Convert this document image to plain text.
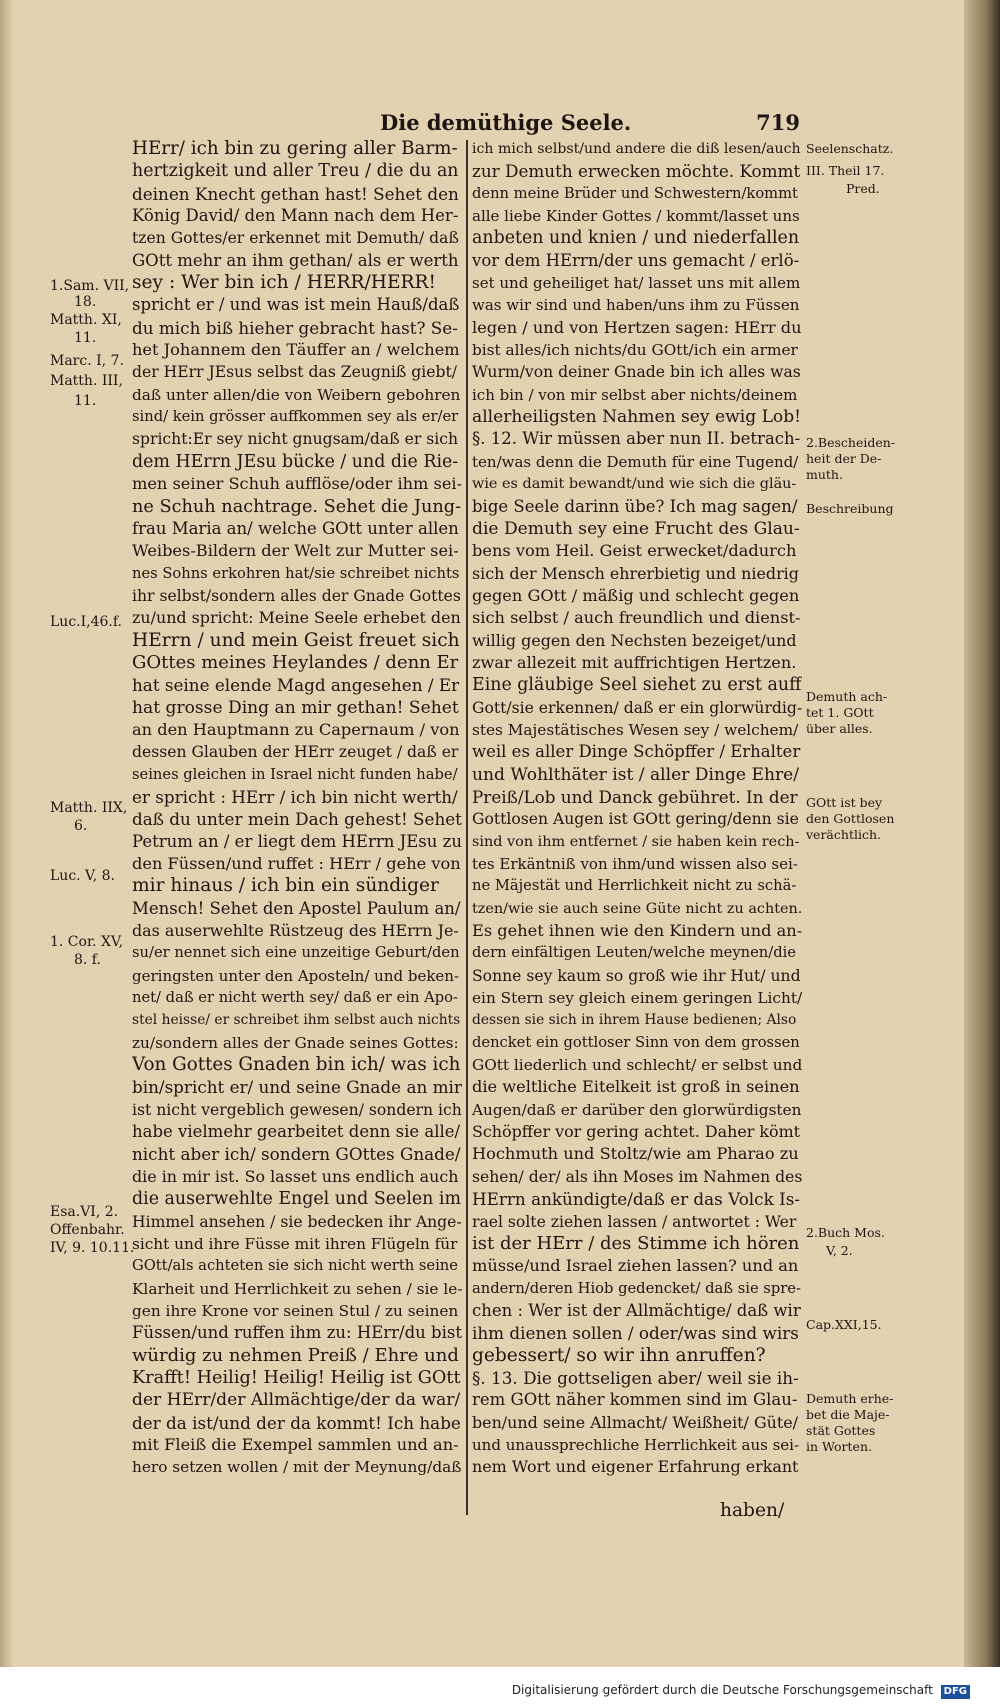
Die demüthige Seele.	719

HErr/ ich bin zu gering aller Barm-

hertzigkeit und aller Treu / die du an

deinen Knecht gethan hast! Sehet den

König David/ den Mann nach dem Her-

tzen Gottes/er erkennet mit Demuth/ daß

GOtt mehr an ihm gethan/ als er werth

sey : Wer bin ich / HERR/HERR!

spricht er / und was ist mein Hauß/daß

du mich biß hieher gebracht hast? Se-

het Johannem den Täuffer an / welchem

der HErr JEsus selbst das Zeugniß giebt/

daß unter allen/die von Weibern gebohren

sind/ kein grösser auffkommen sey als er/er

spricht:Er sey nicht gnugsam/daß er sich

dem HErrn JEsu bücke / und die Rie-

men seiner Schuh aufflöse/oder ihm sei-

ne Schuh nachtrage. Sehet die Jung-

frau Maria an/ welche GOtt unter allen

Weibes-Bildern der Welt zur Mutter sei-

nes Sohns erkohren hat/sie schreibet nichts

ihr selbst/sondern alles der Gnade Gottes

zu/und spricht: Meine Seele erhebet den

HErrn / und mein Geist freuet sich

GOttes meines Heylandes / denn Er

hat seine elende Magd angesehen / Er

hat grosse Ding an mir gethan! Sehet

an den Hauptmann zu Capernaum / von

dessen Glauben der HErr zeuget / daß er

seines gleichen in Israel nicht funden habe/

er spricht : HErr / ich bin nicht werth/

daß du unter mein Dach gehest! Sehet

Petrum an / er liegt dem HErrn JEsu zu

den Füssen/und ruffet : HErr / gehe von

mir hinaus / ich bin ein sündiger

Mensch! Sehet den Apostel Paulum an/

das auserwehlte Rüstzeug des HErrn Je-

su/er nennet sich eine unzeitige Geburt/den

geringsten unter den Aposteln/ und beken-

net/ daß er nicht werth sey/ daß er ein Apo-

stel heisse/ er schreibet ihm selbst auch nichts

zu/sondern alles der Gnade seines Gottes:

Von Gottes Gnaden bin ich/ was ich

bin/spricht er/ und seine Gnade an mir

ist nicht vergeblich gewesen/ sondern ich

habe vielmehr gearbeitet denn sie alle/

nicht aber ich/ sondern GOttes Gnade/

die in mir ist. So lasset uns endlich auch

die auserwehlte Engel und Seelen im

Himmel ansehen / sie bedecken ihr Ange-

sicht und ihre Füsse mit ihren Flügeln für

GOtt/als achteten sie sich nicht werth seine

Klarheit und Herrlichkeit zu sehen / sie le-

gen ihre Krone vor seinen Stul / zu seinen

Füssen/und ruffen ihm zu: HErr/du bist

würdig zu nehmen Preiß / Ehre und

Krafft! Heilig! Heilig! Heilig ist GOtt

der HErr/der Allmächtige/der da war/

der da ist/und der da kommt! Ich habe

mit Fleiß die Exempel sammlen und an-

hero setzen wollen / mit der Meynung/daß

ich mich selbst/und andere die diß lesen/auch

zur Demuth erwecken möchte. Kommt

denn meine Brüder und Schwestern/kommt

alle liebe Kinder Gottes / kommt/lasset uns

anbeten und knien / und niederfallen

vor dem HErrn/der uns gemacht / erlö-

set und geheiliget hat/ lasset uns mit allem

was wir sind und haben/uns ihm zu Füssen

legen / und von Hertzen sagen: HErr du

bist alles/ich nichts/du GOtt/ich ein armer

Wurm/von deiner Gnade bin ich alles was

ich bin / von mir selbst aber nichts/deinem

allerheiligsten Nahmen sey ewig Lob!

§. 12. Wir müssen aber nun II. betrach-

ten/was denn die Demuth für eine Tugend/

wie es damit bewandt/und wie sich die gläu-

bige Seele darinn übe? Ich mag sagen/

die Demuth sey eine Frucht des Glau-

bens vom Heil. Geist erwecket/dadurch

sich der Mensch ehrerbietig und niedrig

gegen GOtt / mäßig und schlecht gegen

sich selbst / auch freundlich und dienst-

willig gegen den Nechsten bezeiget/und

zwar allezeit mit auffrichtigen Hertzen.

Eine gläubige Seel siehet zu erst auff

Gott/sie erkennen/ daß er ein glorwürdig-

stes Majestätisches Wesen sey / welchem/

weil es aller Dinge Schöpffer / Erhalter

und Wohlthäter ist / aller Dinge Ehre/

Preiß/Lob und Danck gebühret. In der

Gottlosen Augen ist GOtt gering/denn sie

sind von ihm entfernet / sie haben kein rech-

tes Erkäntniß von ihm/und wissen also sei-

ne Mäjestät und Herrlichkeit nicht zu schä-

tzen/wie sie auch seine Güte nicht zu achten.

Es gehet ihnen wie den Kindern und an-

dern einfältigen Leuten/welche meynen/die

Sonne sey kaum so groß wie ihr Hut/ und

ein Stern sey gleich einem geringen Licht/

dessen sie sich in ihrem Hause bedienen; Also

dencket ein gottloser Sinn von dem grossen

GOtt liederlich und schlecht/ er selbst und

die weltliche Eitelkeit ist groß in seinen

Augen/daß er darüber den glorwürdigsten

Schöpffer vor gering achtet. Daher kömt

Hochmuth und Stoltz/wie am Pharao zu

sehen/ der/ als ihn Moses im Nahmen des

HErrn ankündigte/daß er das Volck Is-

rael solte ziehen lassen / antwortet : Wer

ist der HErr / des Stimme ich hören

müsse/und Israel ziehen lassen? und an

andern/deren Hiob gedencket/ daß sie spre-

chen : Wer ist der Allmächtige/ daß wir

ihm dienen sollen / oder/was sind wirs

gebessert/ so wir ihn anruffen?

§. 13. Die gottseligen aber/ weil sie ih-

rem GOtt näher kommen sind im Glau-

ben/und seine Allmacht/ Weißheit/ Güte/

und unaussprechliche Herrlichkeit aus sei-

nem Wort und eigener Erfahrung erkant

1.Sam. VII,
18.
Matth. XI,
11.
Marc. I, 7.
Matth. III,
11.
Luc.I,46.f.
Matth. IIX,
6.
Luc. V, 8.
1. Cor. XV,
8. f.
Esa.VI, 2.
Offenbahr.
IV, 9. 10.11.
Seelenschatz.
III. Theil 17.
Pred.
2.Bescheiden-
heit der De-
muth.
Beschreibung
Demuth ach-
tet 1. GOtt
über alles.
GOtt ist bey
den Gottlosen
verächtlich.
2.Buch Mos.
V, 2.
Cap.XXI,15.
Demuth erhe-
bet die Maje-
stät Gottes
in Worten.
haben/
Digitalisierung gefördert durch die Deutsche Forschungsgemeinschaft DFG
